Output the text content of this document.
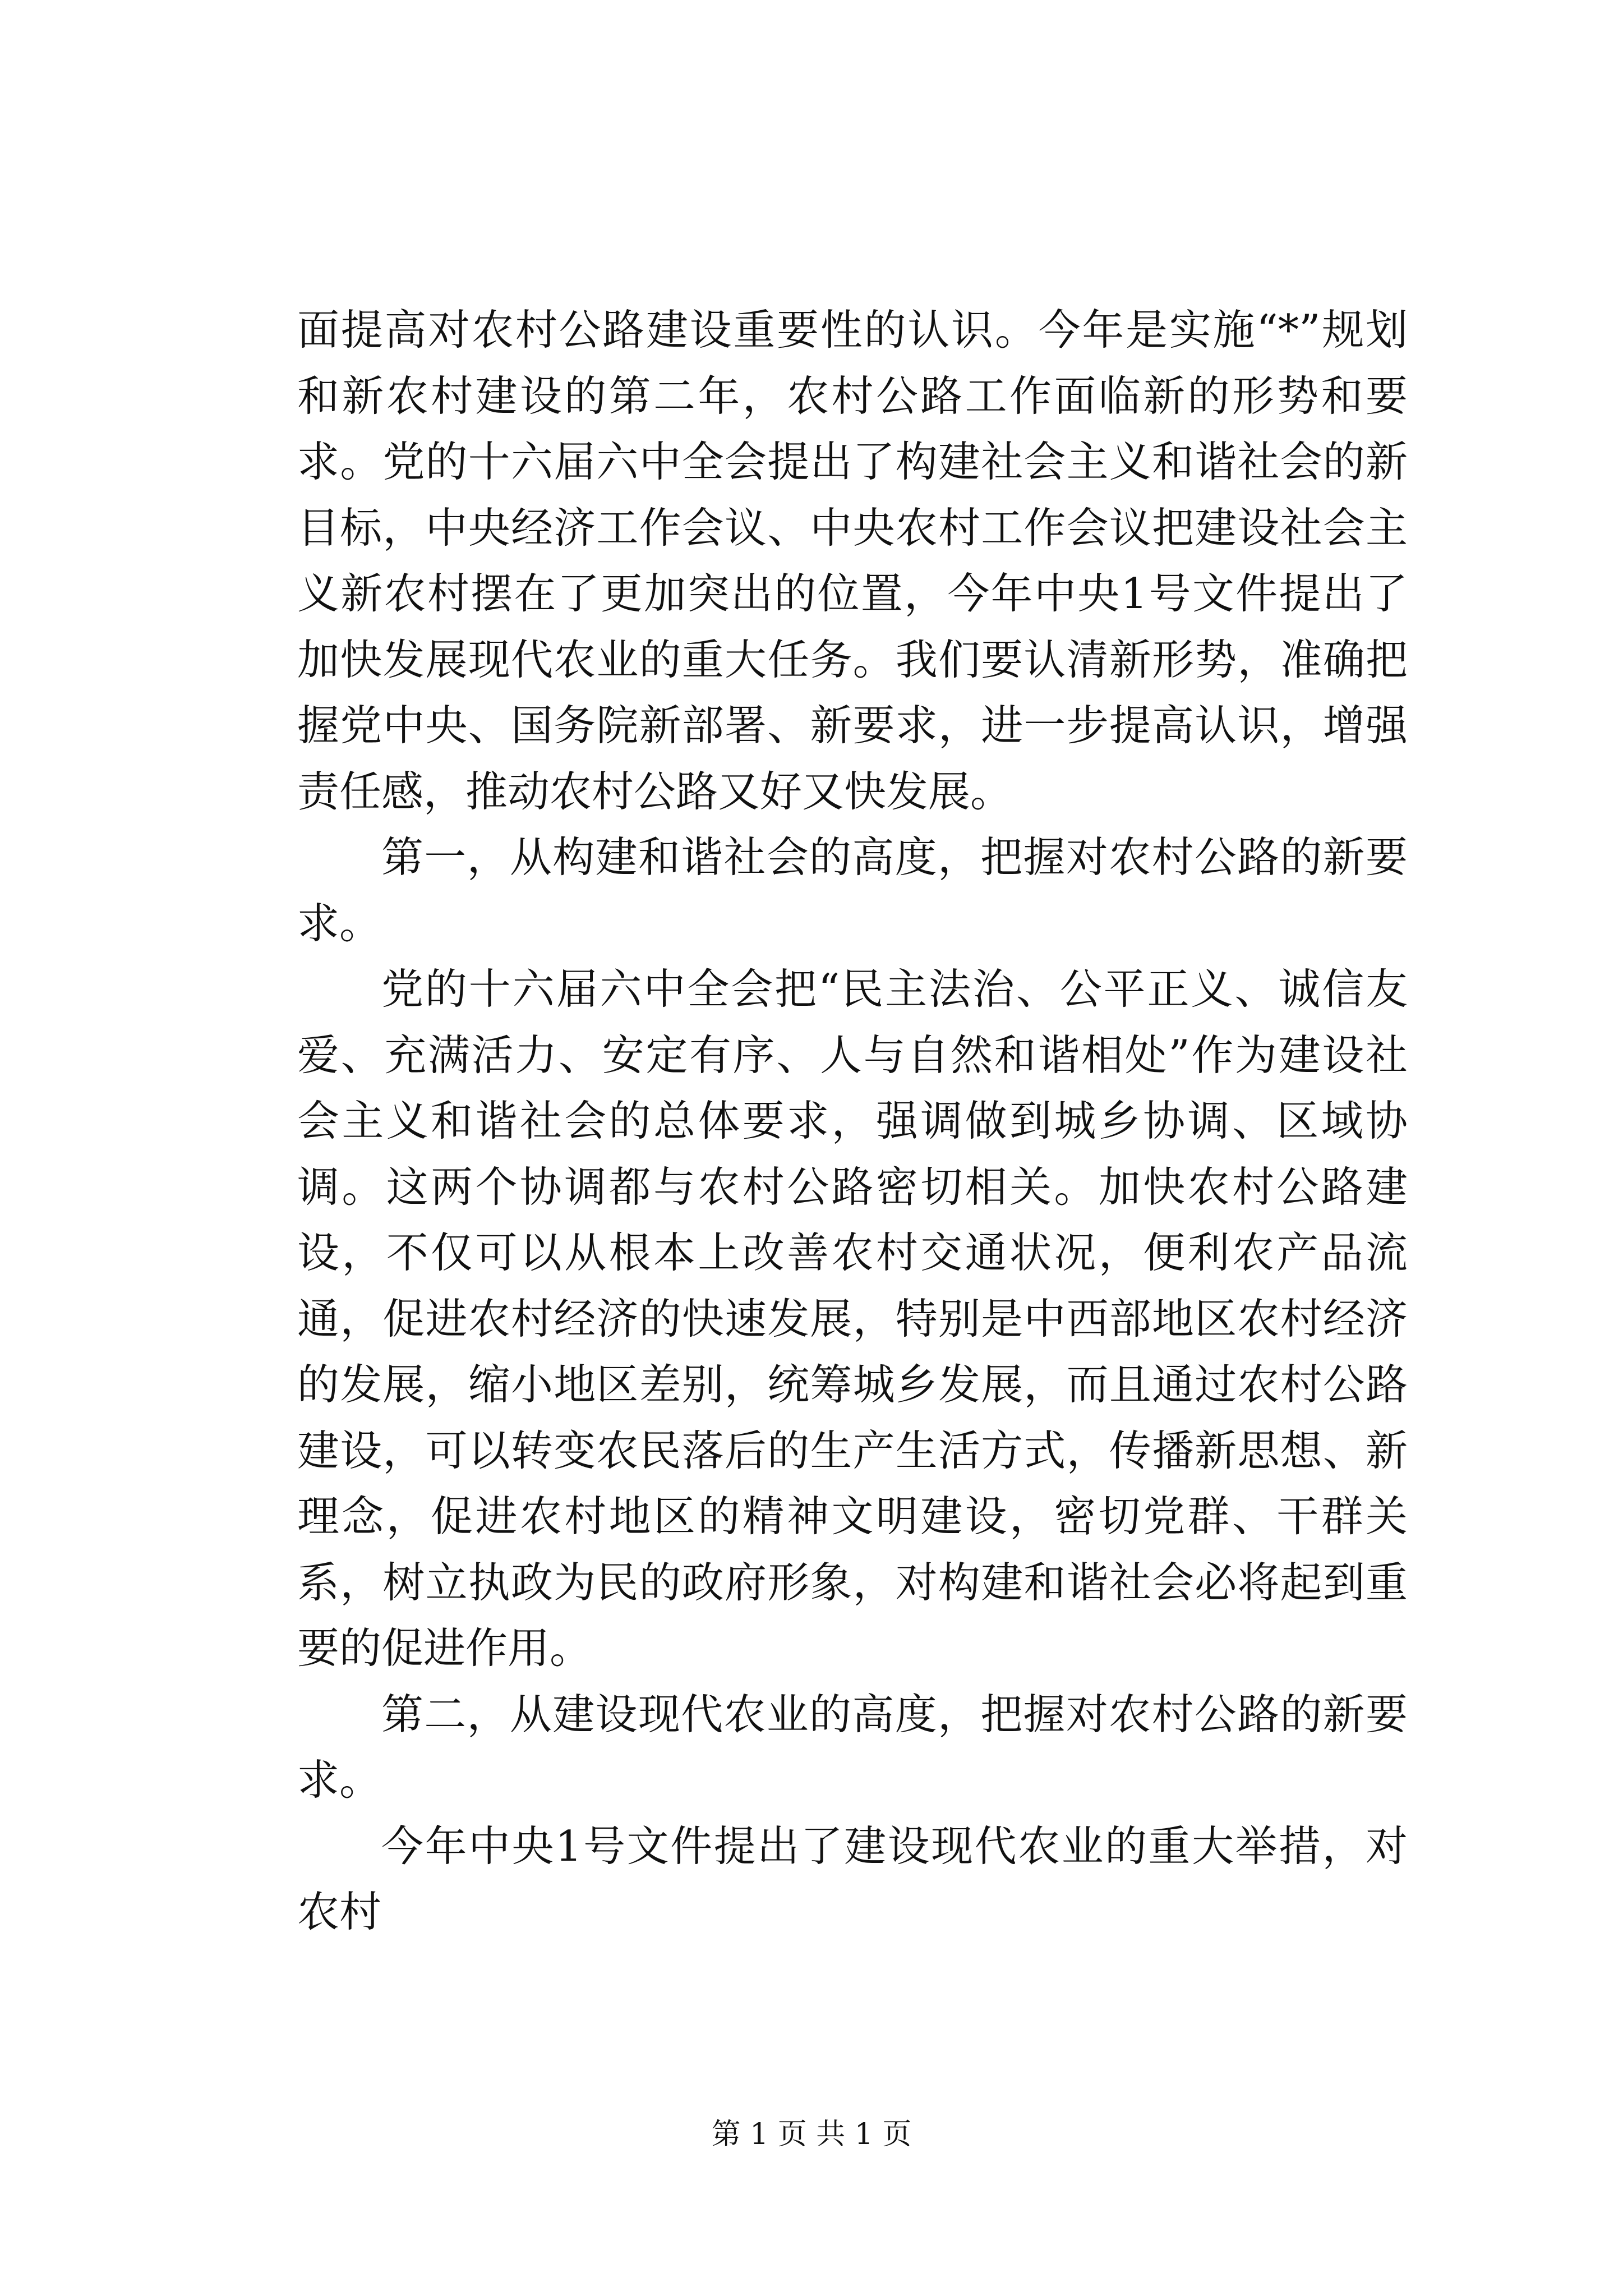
面提高对农村公路建设重要性的认识。今年是实施“*”规划和新农村建设的第二年，农村公路工作面临新的形势和要求。党的十六届六中全会提出了构建社会主义和谐社会的新目标，中央经济工作会议、中央农村工作会议把建设社会主义新农村摆在了更加突出的位置，今年中央1号文件提出了加快发展现代农业的重大任务。我们要认清新形势，准确把握党中央、国务院新部署、新要求，进一步提高认识，增强责任感，推动农村公路又好又快发展。

第一，从构建和谐社会的高度，把握对农村公路的新要求。

党的十六届六中全会把“民主法治、公平正义、诚信友爱、充满活力、安定有序、人与自然和谐相处”作为建设社会主义和谐社会的总体要求，强调做到城乡协调、区域协调。这两个协调都与农村公路密切相关。加快农村公路建设，不仅可以从根本上改善农村交通状况，便利农产品流通，促进农村经济的快速发展，特别是中西部地区农村经济的发展，缩小地区差别，统筹城乡发展，而且通过农村公路建设，可以转变农民落后的生产生活方式，传播新思想、新理念，促进农村地区的精神文明建设，密切党群、干群关系，树立执政为民的政府形象，对构建和谐社会必将起到重要的促进作用。

第二，从建设现代农业的高度，把握对农村公路的新要求。

今年中央1号文件提出了建设现代农业的重大举措，对农村

第 1 页 共 1 页
